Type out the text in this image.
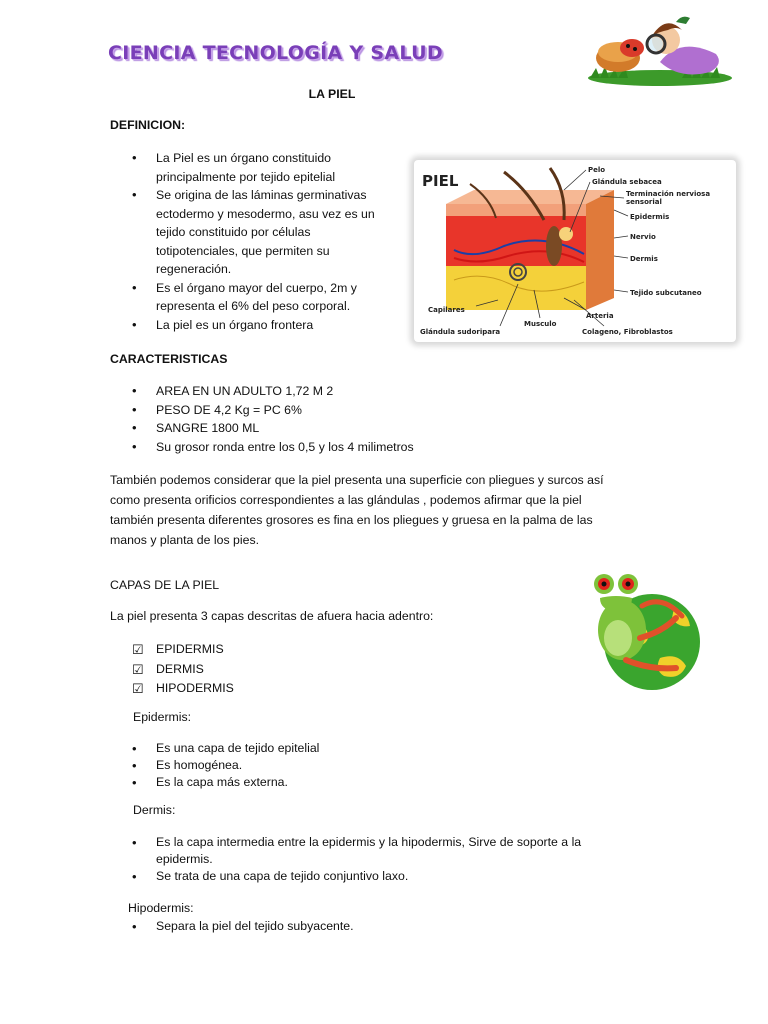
CIENCIA TECNOLOGÍA Y SALUD
LA PIEL
DEFINICION:
• La Piel es un órgano constituido
principalmente por tejido epitelial
• Se origina de las láminas germinativas
ectodermo y mesodermo, asu vez es un
tejido constituido por células
totipotenciales, que permiten su
regeneración.
• Es el órgano mayor del cuerpo, 2m y
representa el 6% del peso corporal.
• La piel es un órgano frontera
PIEL
Pelo
Glándula sebacea
Terminación nerviosa
sensorial
Epidermis
Nervio
Dermis
Tejido subcutaneo
Capilares
Arteria
Musculo
Glándula sudoripara	Colageno, Fibroblastos
CARACTERISTICAS
• AREA EN UN ADULTO 1,72 M 2
• PESO DE 4,2 Kg = PC 6%
• SANGRE 1800 ML
• Su grosor ronda entre los 0,5 y los 4 milimetros
También podemos considerar que la piel presenta una superficie con pliegues y surcos así
como presenta orificios correspondientes a las glándulas , podemos afirmar que la piel
también presenta diferentes grosores es fina en los pliegues y gruesa en la palma de las
manos y planta de los pies.
CAPAS DE LA PIEL
La piel presenta 3 capas descritas de afuera hacia adentro:
☑ EPIDERMIS
☑ DERMIS
☑ HIPODERMIS
Epidermis:
• Es una capa de tejido epitelial
• Es homogénea.
• Es la capa más externa.
Dermis:
• Es la capa intermedia entre la epidermis y la hipodermis, Sirve de soporte a la
epidermis.
• Se trata de una capa de tejido conjuntivo laxo.
Hipodermis:
• Separa la piel del tejido subyacente.
